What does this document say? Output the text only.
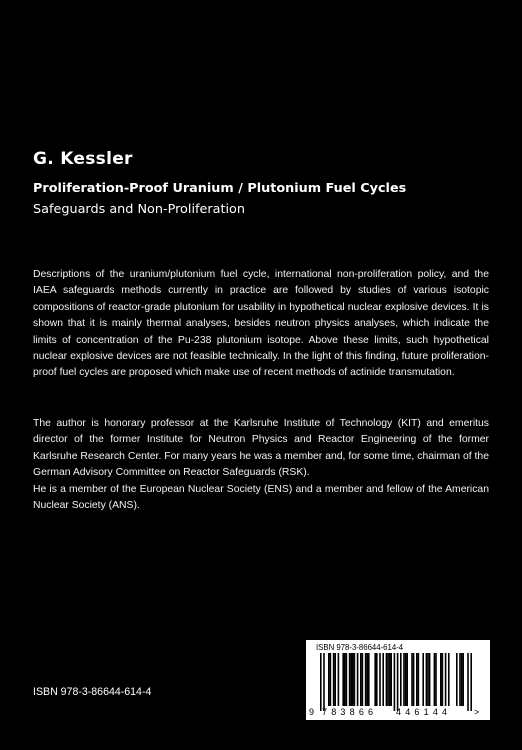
G. Kessler
Proliferation-Proof Uranium / Plutonium Fuel Cycles
Safeguards and Non-Proliferation

Descriptions of the uranium/plutonium fuel cycle, international non-proliferation policy, and the IAEA safeguards methods currently in practice are followed by studies of various isotopic compositions of reactor-grade plutonium for usability in hypothetical nuclear explosive devices. It is shown that it is mainly thermal analyses, besides neutron physics analyses, which indicate the limits of concentration of the Pu-238 plutonium isotope. Above these limits, such hypothetical nuclear explosive devices are not feasible technically. In the light of this finding, future proliferation-proof fuel cycles are proposed which make use of recent methods of actinide transmutation.

The author is honorary professor at the Karlsruhe Institute of Technology (KIT) and emeritus director of the former Institute for Neutron Physics and Reactor Engineering of the former Karlsruhe Research Center. For many years he was a member and, for some time, chairman of the German Advisory Committee on Reactor Safeguards (RSK).

He is a member of the European Nuclear Society (ENS) and a member and fellow of the American Nuclear Society (ANS).

ISBN 978-3-86644-614-4
ISBN 978-3-86644-614-4
9 783866 446144	>
